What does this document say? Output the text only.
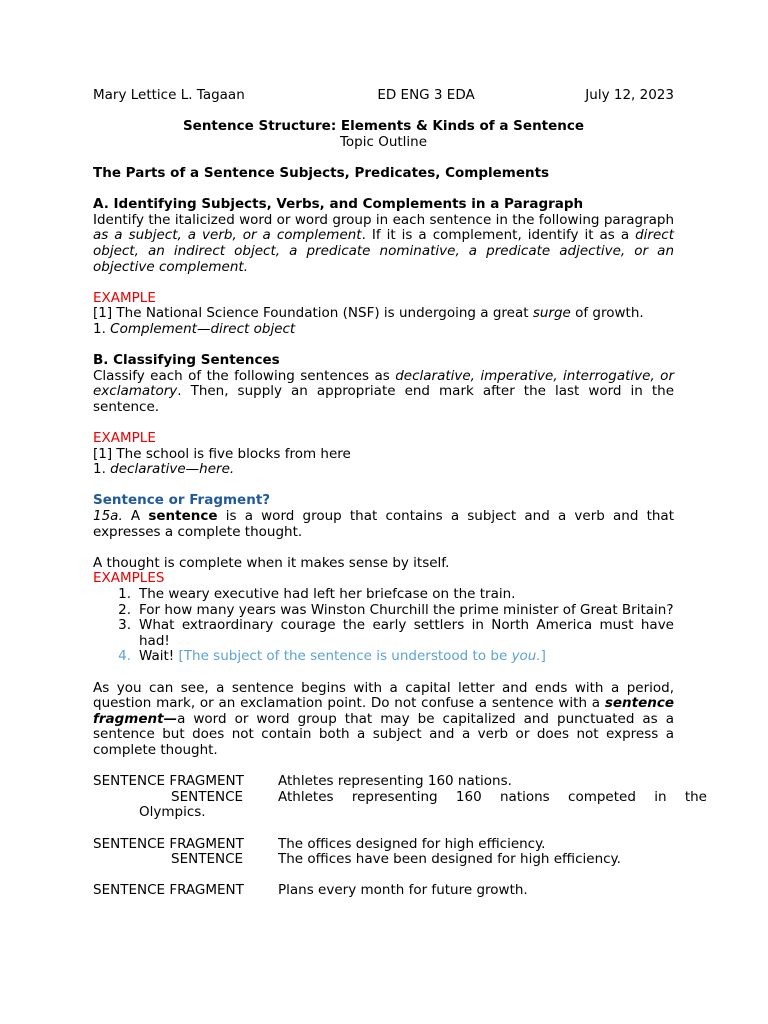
Mary Lettice L. Tagaan	ED ENG 3 EDA	July 12, 2023

Sentence Structure: Elements & Kinds of a Sentence

Topic Outline

The Parts of a Sentence Subjects, Predicates, Complements

A. Identifying Subjects, Verbs, and Complements in a Paragraph

Identify the italicized word or word group in each sentence in the following paragraph as a subject, a verb, or a complement. If it is a complement, identify it as a direct object, an indirect object, a predicate nominative, a predicate adjective, or an objective complement.

EXAMPLE

[1] The National Science Foundation (NSF) is undergoing a great surge of growth.

1. Complement—direct object

B. Classifying Sentences

Classify each of the following sentences as declarative, imperative, interrogative, or exclamatory. Then, supply an appropriate end mark after the last word in the sentence.

EXAMPLE

[1] The school is five blocks from here

1. declarative—here.

Sentence or Fragment?

15a. A sentence is a word group that contains a subject and a verb and that expresses a complete thought.

A thought is complete when it makes sense by itself.

EXAMPLES

1. The weary executive had left her briefcase on the train.
2. For how many years was Winston Churchill the prime minister of Great Britain?
3. What extraordinary courage the early settlers in North America must have had!
4. Wait! [The subject of the sentence is understood to be you.]

As you can see, a sentence begins with a capital letter and ends with a period, question mark, or an exclamation point. Do not confuse a sentence with a sentence fragment—a word or word group that may be capitalized and punctuated as a sentence but does not contain both a subject and a verb or does not express a complete thought.

SENTENCE FRAGMENT	Athletes representing 160 nations.
SENTENCE	Athletes representing 160 nations competed in the
Olympics.
SENTENCE FRAGMENT	The offices designed for high efficiency.
SENTENCE	The offices have been designed for high efficiency.
SENTENCE FRAGMENT	Plans every month for future growth.
